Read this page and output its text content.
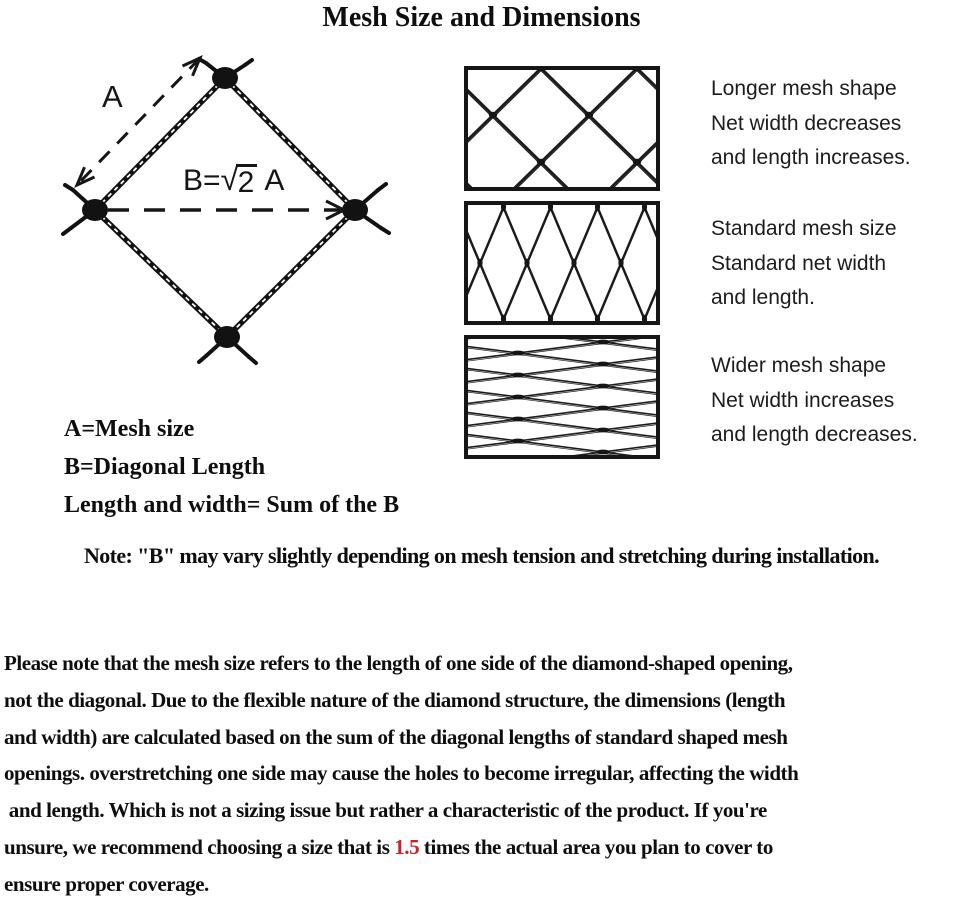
Mesh Size and Dimensions
A
B= √ 2 A
A=Mesh size
B=Diagonal Length
Length and width= Sum of the B
Longer mesh shape
Net width decreases
and length increases.
Standard mesh size
Standard net width
and length.
Wider mesh shape
Net width increases
and length decreases.
Note: "B" may vary slightly depending on mesh tension and stretching during installation.
Please note that the mesh size refers to the length of one side of the diamond-shaped opening,
not the diagonal. Due to the flexible nature of the diamond structure, the dimensions (length
and width) are calculated based on the sum of the diagonal lengths of standard shaped mesh
openings. overstretching one side may cause the holes to become irregular, affecting the width
and length. Which is not a sizing issue but rather a characteristic of the product. If you're
unsure, we recommend choosing a size that is 1.5 times the actual area you plan to cover to
ensure proper coverage.
